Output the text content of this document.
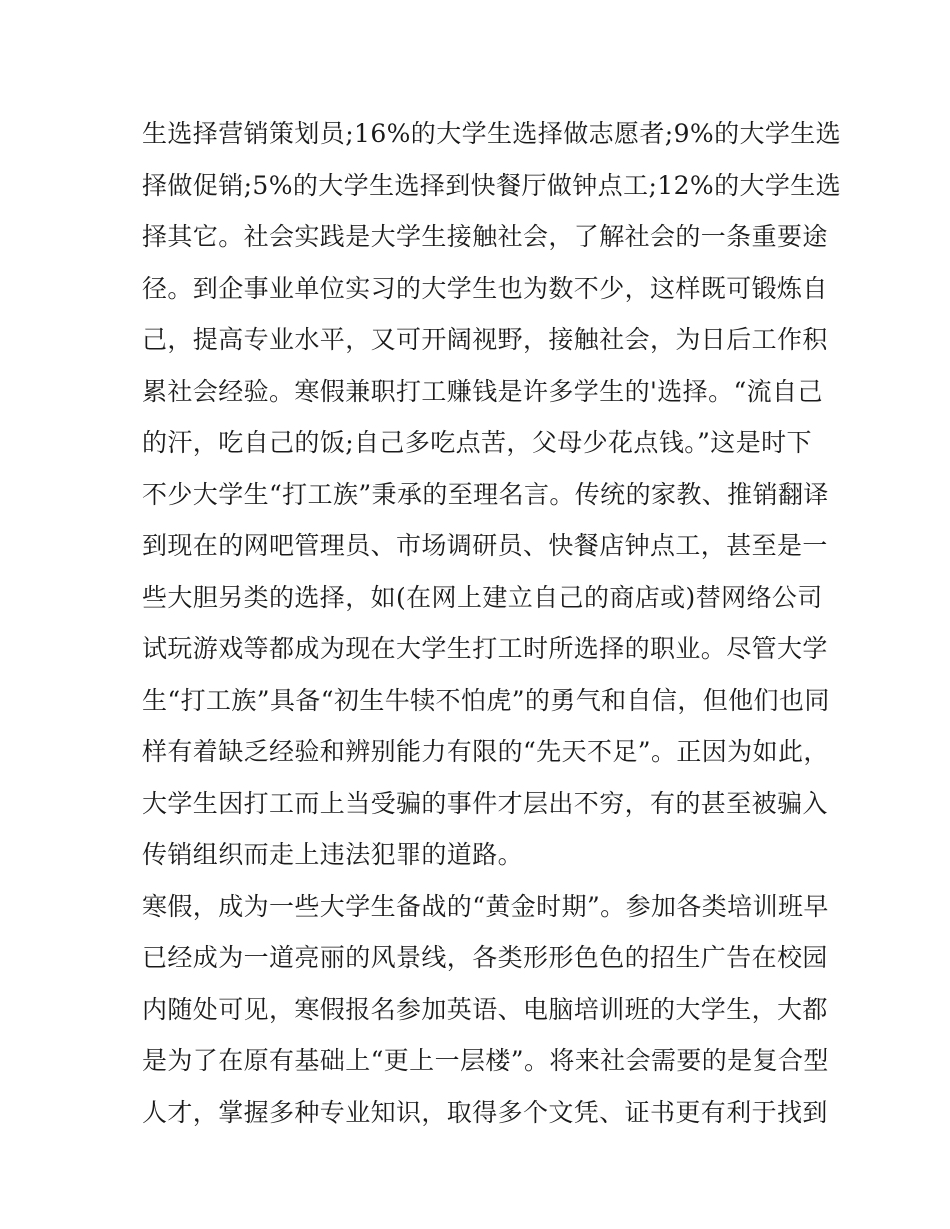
生选择营销策划员;16%的大学生选择做志愿者;9%的大学生选
择做促销;5%的大学生选择到快餐厅做钟点工;12%的大学生选
择其它。社会实践是大学生接触社会，了解社会的一条重要途
径。到企事业单位实习的大学生也为数不少，这样既可锻炼自
己，提高专业水平，又可开阔视野，接触社会，为日后工作积
累社会经验。寒假兼职打工赚钱是许多学生的'选择。“流自己
的汗，吃自己的饭;自己多吃点苦，父母少花点钱。”这是时下
不少大学生“打工族”秉承的至理名言。传统的家教、推销翻译
到现在的网吧管理员、市场调研员、快餐店钟点工，甚至是一
些大胆另类的选择，如(在网上建立自己的商店或)替网络公司
试玩游戏等都成为现在大学生打工时所选择的职业。尽管大学
生“打工族”具备“初生牛犊不怕虎”的勇气和自信，但他们也同
样有着缺乏经验和辨别能力有限的“先天不足”。正因为如此，
大学生因打工而上当受骗的事件才层出不穷，有的甚至被骗入
传销组织而走上违法犯罪的道路。
寒假，成为一些大学生备战的“黄金时期”。参加各类培训班早
已经成为一道亮丽的风景线，各类形形色色的招生广告在校园
内随处可见，寒假报名参加英语、电脑培训班的大学生，大都
是为了在原有基础上“更上一层楼”。将来社会需要的是复合型
人才，掌握多种专业知识，取得多个文凭、证书更有利于找到
